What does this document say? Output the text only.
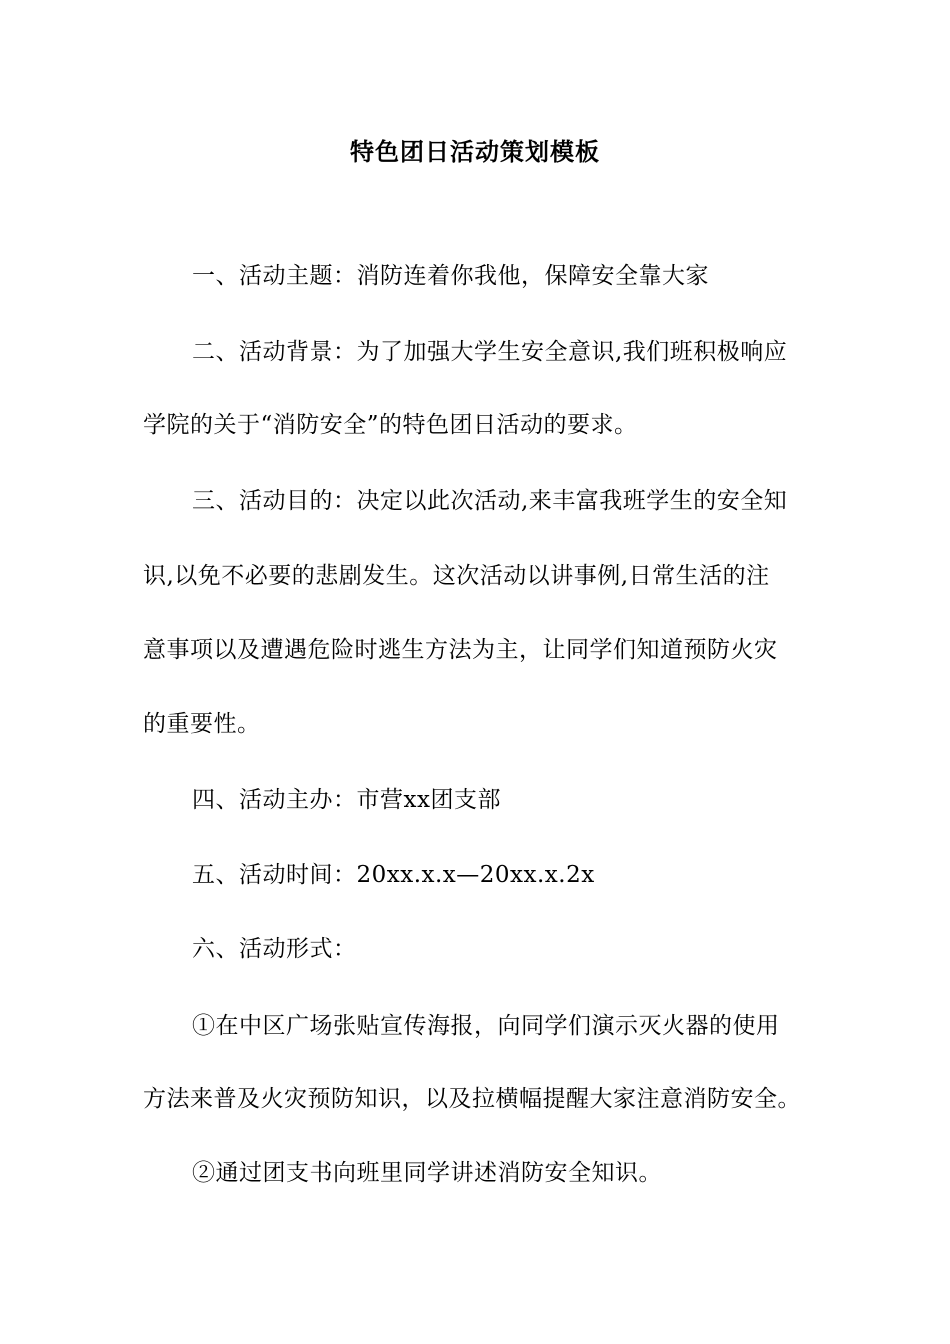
特色团日活动策划模板
一、活动主题：消防连着你我他，保障安全靠大家
二、活动背景：为了加强大学生安全意识,我们班积极响应
学院的关于“消防安全”的特色团日活动的要求。
三、活动目的：决定以此次活动,来丰富我班学生的安全知
识,以免不必要的悲剧发生。这次活动以讲事例,日常生活的注
意事项以及遭遇危险时逃生方法为主，让同学们知道预防火灾
的重要性。
四、活动主办：市营xx团支部
五、活动时间：20xx.x.x—20xx.x.2x
六、活动形式：
①在中区广场张贴宣传海报，向同学们演示灭火器的使用
方法来普及火灾预防知识，以及拉横幅提醒大家注意消防安全。
②通过团支书向班里同学讲述消防安全知识。
